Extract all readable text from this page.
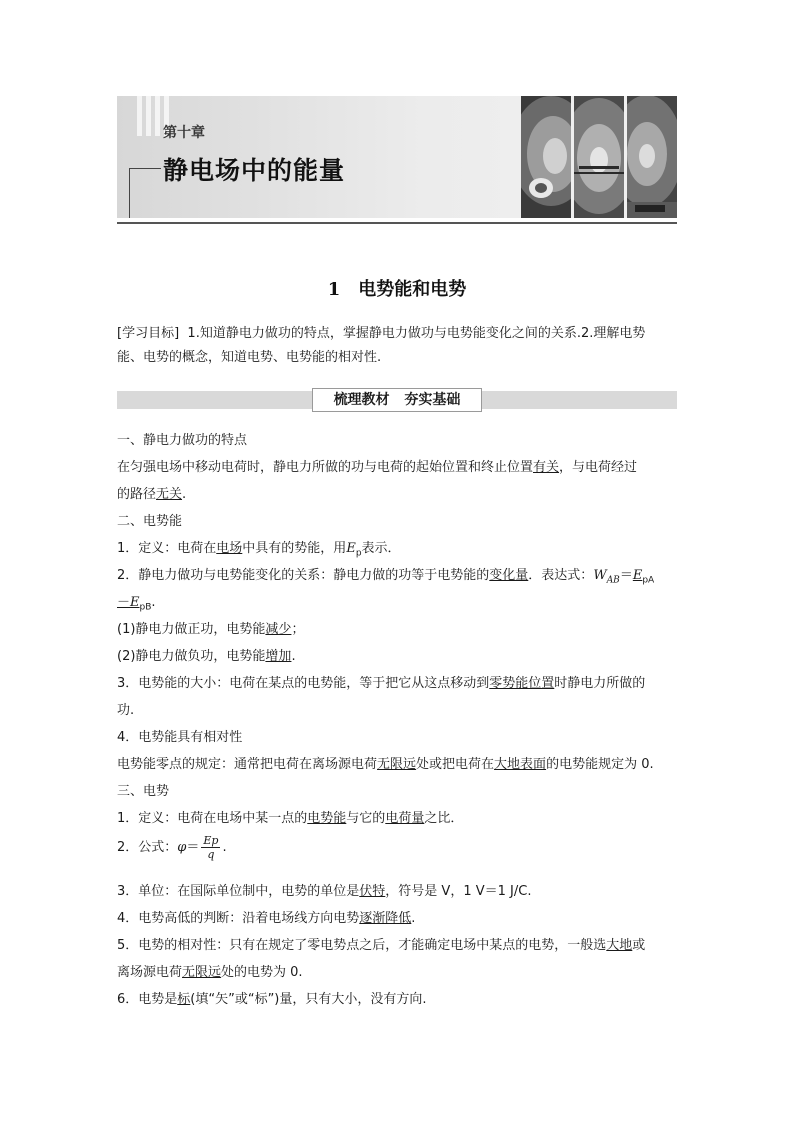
第十章
静电场中的能量
1 电势能和电势
[学习目标] 1.知道静电力做功的特点，掌握静电力做功与电势能变化之间的关系.2.理解电势
能、电势的概念，知道电势、电势能的相对性.
梳理教材 夯实基础
一、静电力做功的特点
在匀强电场中移动电荷时，静电力所做的功与电荷的起始位置和终止位置有关，与电荷经过
的路径无关.
二、电势能
1．定义：电荷在电场中具有的势能，用$E_p$表示．
2．静电力做功与电势能变化的关系：静电力做的功等于电势能的变化量．表达式：$W_{AB}=E_{pA}$
$-E_{pB}$.
(1)静电力做正功，电势能减少；
(2)静电力做负功，电势能增加.
3．电势能的大小：电荷在某点的电势能，等于把它从这点移动到零势能位置时静电力所做的
功.
4．电势能具有相对性
电势能零点的规定：通常把电荷在离场源电荷无限远处或把电荷在大地表面的电势能规定为 0.
三、电势
1．定义：电荷在电场中某一点的电势能与它的电荷量之比．
2．公式：$\varphi= \frac{Ep}{q}$ .
3．单位：在国际单位制中，电势的单位是伏特，符号是 V，1 V＝1 J/C.
4．电势高低的判断：沿着电场线方向电势逐渐降低.
5．电势的相对性：只有在规定了零电势点之后，才能确定电场中某点的电势，一般选大地或
离场源电荷无限远处的电势为 0.
6．电势是标(填“矢”或“标”)量，只有大小，没有方向.
